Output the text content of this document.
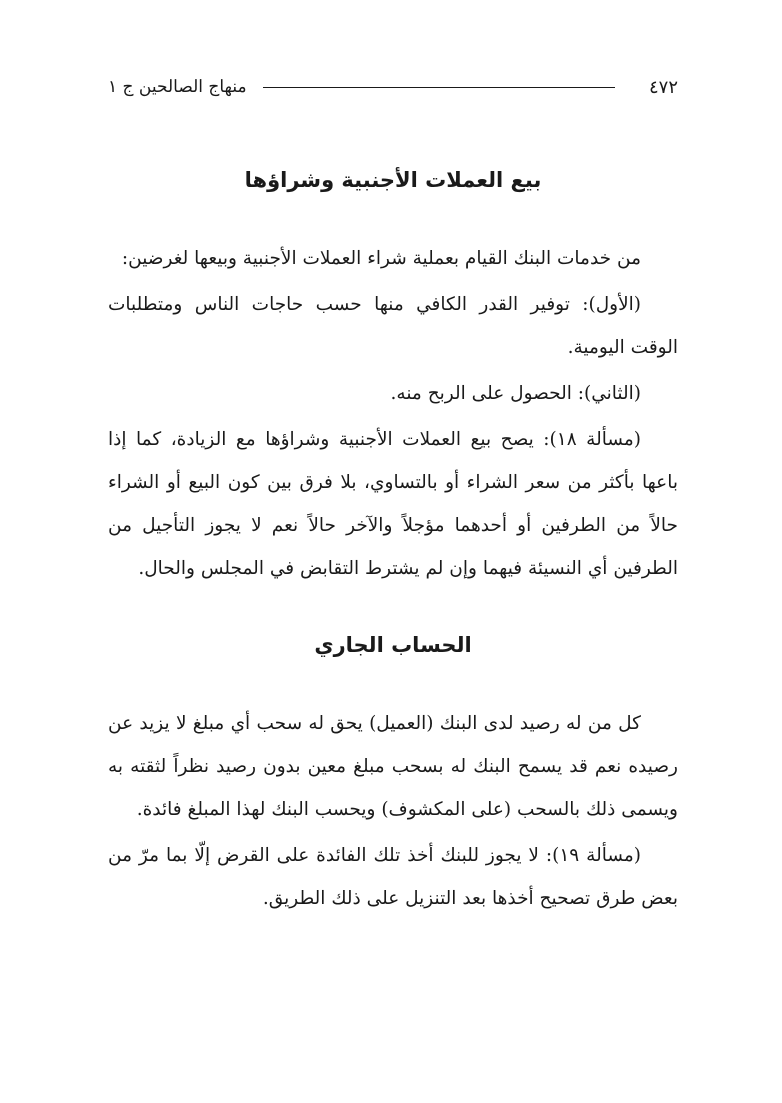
٤٧٢
منهاج الصالحين ج ١
بيع العملات الأجنبية وشراؤها

من خدمات البنك القيام بعملية شراء العملات الأجنبية وبيعها لغرضين:

(الأول): توفير القدر الكافي منها حسب حاجات الناس ومتطلبات الوقت اليومية.

(الثاني): الحصول على الربح منه.

(مسألة ١٨): يصح بيع العملات الأجنبية وشراؤها مع الزيادة، كما إذا باعها بأكثر من سعر الشراء أو بالتساوي، بلا فرق بين كون البيع أو الشراء حالاً من الطرفين أو أحدهما مؤجلاً والآخر حالاً نعم لا يجوز التأجيل من الطرفين أي النسيئة فيهما وإن لم يشترط التقابض في المجلس والحال.

الحساب الجاري

كل من له رصيد لدى البنك (العميل) يحق له سحب أي مبلغ لا يزيد عن رصيده نعم قد يسمح البنك له بسحب مبلغ معين بدون رصيد نظراً لثقته به ويسمى ذلك بالسحب (على المكشوف) ويحسب البنك لهذا المبلغ فائدة.

(مسألة ١٩): لا يجوز للبنك أخذ تلك الفائدة على القرض إلّا بما مرّ من بعض طرق تصحيح أخذها بعد التنزيل على ذلك الطريق.
